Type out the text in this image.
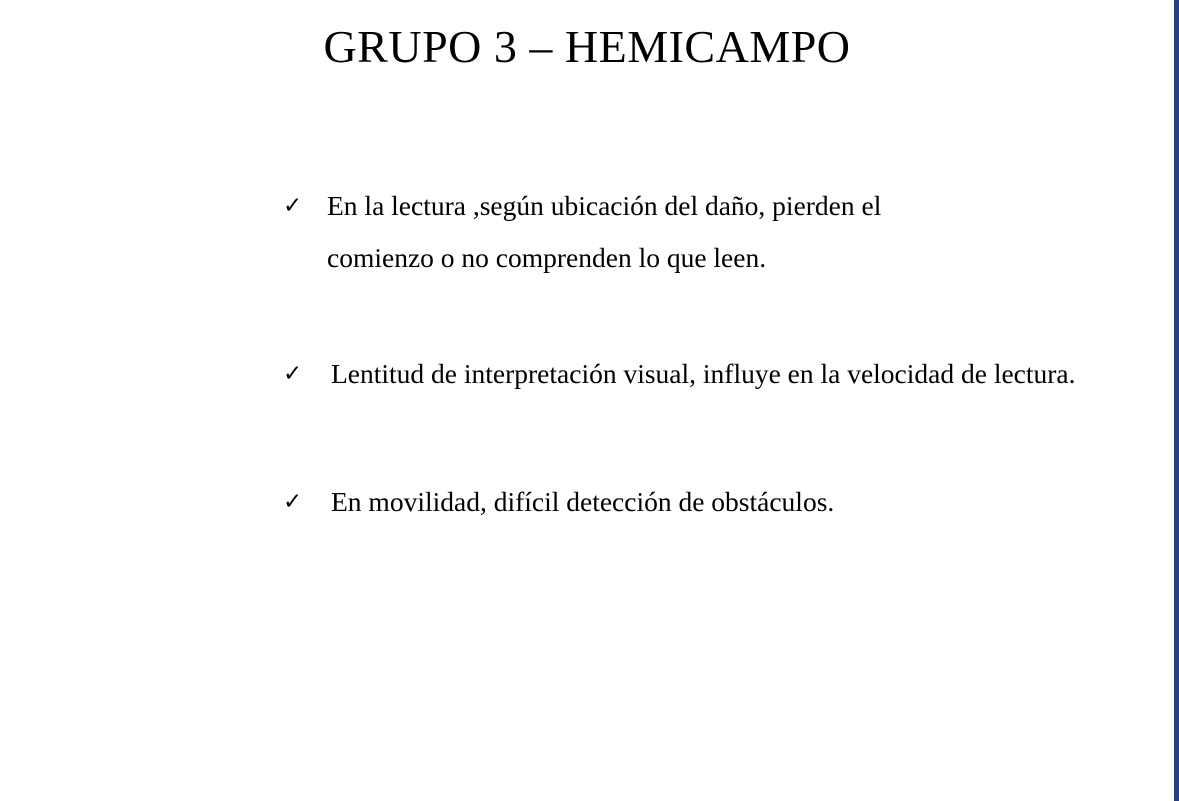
GRUPO 3 – HEMICAMPO
✓ En la lectura ,según ubicación del daño, pierden el comienzo o no comprenden lo que leen.
✓	Lentitud de interpretación visual, influye en la velocidad de lectura.
✓	En movilidad, difícil detección de obstáculos.
